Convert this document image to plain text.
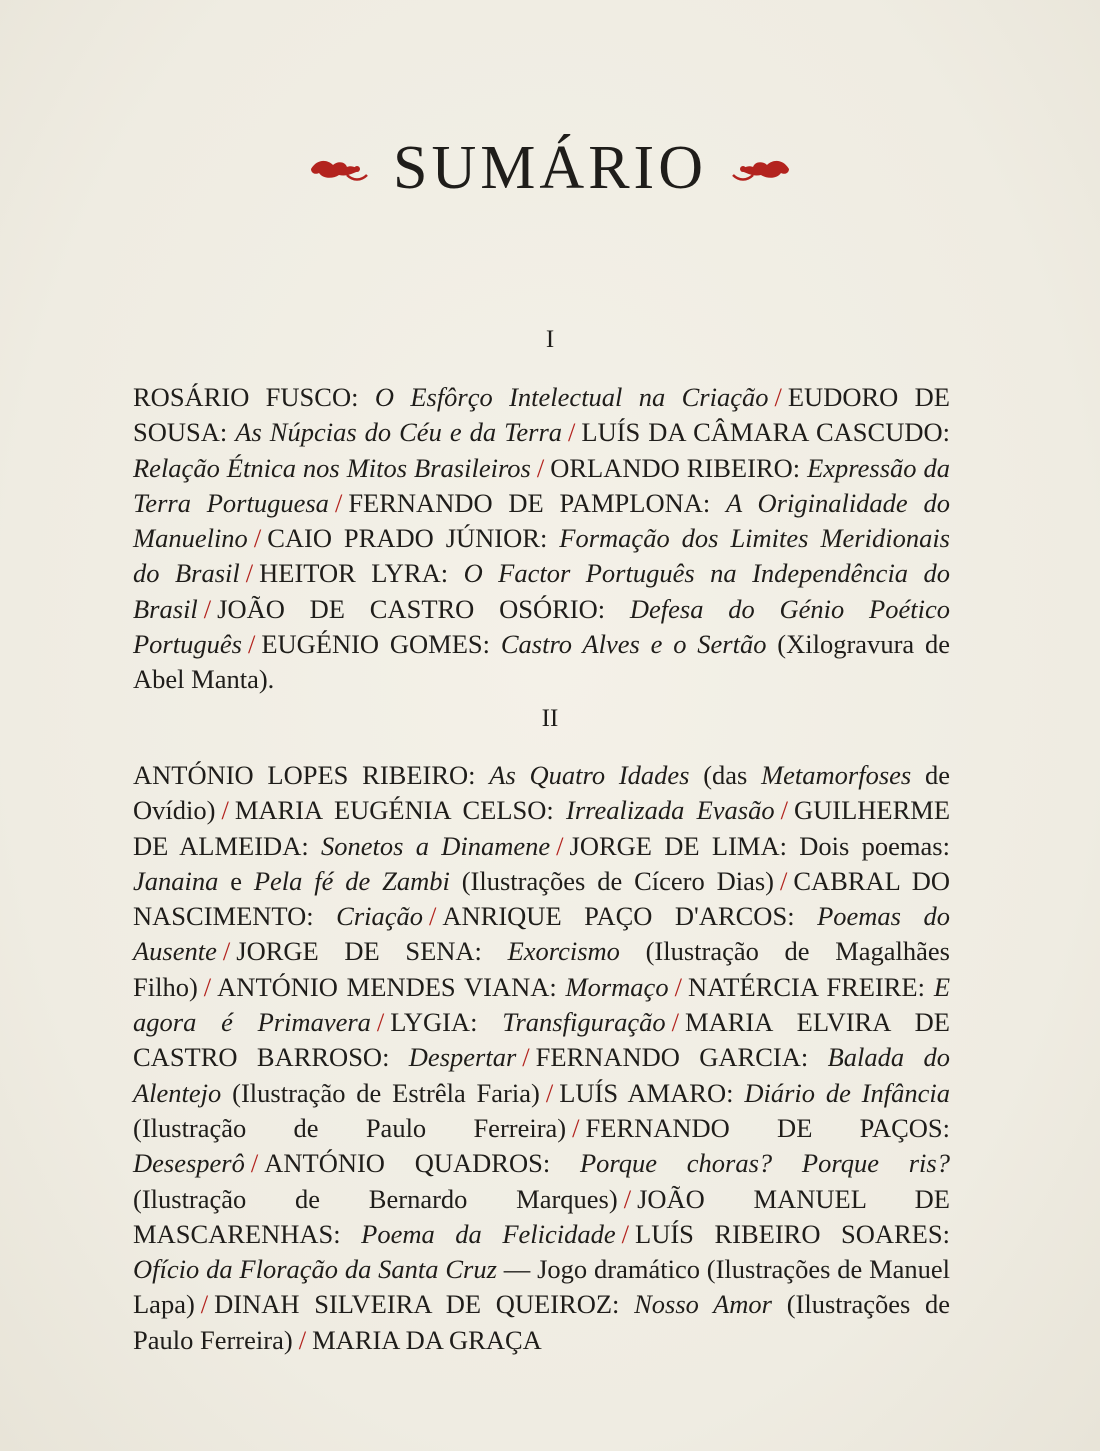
SUMÁRIO
I
ROSÁRIO FUSCO: O Esfôrço Intelectual na Criação / EUDORO DE SOUSA: As Núpcias do Céu e da Terra / LUÍS DA CÂMARA CASCUDO: Relação Étnica nos Mitos Brasileiros / ORLANDO RIBEIRO: Expressão da Terra Portuguesa / FERNANDO DE PAMPLONA: A Originalidade do Manuelino / CAIO PRADO JÚNIOR: Formação dos Limites Meridionais do Brasil / HEITOR LYRA: O Factor Português na Independência do Brasil / JOÃO DE CASTRO OSÓRIO: Defesa do Génio Poético Português / EUGÉNIO GOMES: Castro Alves e o Sertão (Xilogravura de Abel Manta).
II
ANTÓNIO LOPES RIBEIRO: As Quatro Idades (das Metamorfoses de Ovídio) / MARIA EUGÉNIA CELSO: Irrealizada Evasão / GUILHERME DE ALMEIDA: Sonetos a Dinamene / JORGE DE LIMA: Dois poemas: Janaina e Pela fé de Zambi (Ilustrações de Cícero Dias) / CABRAL DO NASCIMENTO: Criação / ANRIQUE PAÇO D'ARCOS: Poemas do Ausente / JORGE DE SENA: Exorcismo (Ilustração de Magalhães Filho) / ANTÓNIO MENDES VIANA: Mormaço / NATÉRCIA FREIRE: E agora é Primavera / LYGIA: Transfiguração / MARIA ELVIRA DE CASTRO BARROSO: Despertar / FERNANDO GARCIA: Balada do Alentejo (Ilustração de Estrêla Faria) / LUÍS AMARO: Diário de Infância (Ilustração de Paulo Ferreira) / FERNANDO DE PAÇOS: Desesperô / ANTÓNIO QUADROS: Porque choras? Porque ris? (Ilustração de Bernardo Marques) / JOÃO MANUEL DE MASCARENHAS: Poema da Felicidade / LUÍS RIBEIRO SOARES: Ofício da Floração da Santa Cruz — Jogo dramático (Ilustrações de Manuel Lapa) / DINAH SILVEIRA DE QUEIROZ: Nosso Amor (Ilustrações de Paulo Ferreira) / MARIA DA GRAÇA
